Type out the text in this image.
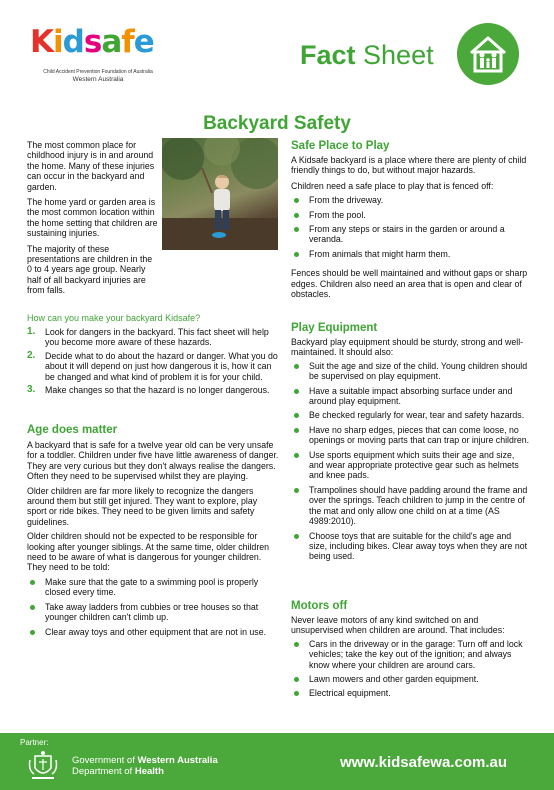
Kidsafe
Child Accident Prevention Foundation of Australia
Western Australia
Fact Sheet
Backyard Safety

The most common place for childhood injury is in and around the home. Many of these injuries can occur in the backyard and garden.

The home yard or garden area is the most common location within the home setting that children are sustaining injuries.

The majority of these presentations are children in the 0 to 4 years age group. Nearly half of all backyard injuries are from falls.

How can you make your backyard Kidsafe?
1. Look for dangers in the backyard. This fact sheet will help you become more aware of these hazards.
2. Decide what to do about the hazard or danger. What you do about it will depend on just how dangerous it is, how it can be changed and what kind of problem it is for your child.
3. Make changes so that the hazard is no longer dangerous.
Age does matter

A backyard that is safe for a twelve year old can be very unsafe for a toddler. Children under five have little awareness of danger. They are very curious but they don't always realise the dangers. Often they need to be supervised whilst they are playing.

Older children are far more likely to recognize the dangers around them but still get injured. They want to explore, play sport or ride bikes. They need to be given limits and safety guidelines.

Older children should not be expected to be responsible for looking after younger siblings. At the same time, older children need to be aware of what is dangerous for younger children. They need to be told:

Make sure that the gate to a swimming pool is properly closed every time.
Take away ladders from cubbies or tree houses so that younger children can't climb up.
Clear away toys and other equipment that are not in use.
Safe Place to Play

A Kidsafe backyard is a place where there are plenty of child friendly things to do, but without major hazards.

Children need a safe place to play that is fenced off:

From the driveway.
From the pool.
From any steps or stairs in the garden or around a veranda.
From animals that might harm them.

Fences should be well maintained and without gaps or sharp edges. Children also need an area that is open and clear of obstacles.

Play Equipment

Backyard play equipment should be sturdy, strong and well-maintained. It should also:

Suit the age and size of the child. Young children should be supervised on play equipment.
Have a suitable impact absorbing surface under and around play equipment.
Be checked regularly for wear, tear and safety hazards.
Have no sharp edges, pieces that can come loose, no openings or moving parts that can trap or injure children.
Use sports equipment which suits their age and size, and wear appropriate protective gear such as helmets and knee pads.
Trampolines should have padding around the frame and over the springs. Teach children to jump in the centre of the mat and only allow one child on at a time (AS 4989:2010).
Choose toys that are suitable for the child's age and size, including bikes. Clear away toys when they are not being used.
Motors off

Never leave motors of any kind switched on and unsupervised when children are around. That includes:

Cars in the driveway or in the garage: Turn off and lock vehicles; take the key out of the ignition; and always know where your children are around cars.
Lawn mowers and other garden equipment.
Electrical equipment.
Partner:
Government of Western Australia
Department of Health
www.kidsafewa.com.au
